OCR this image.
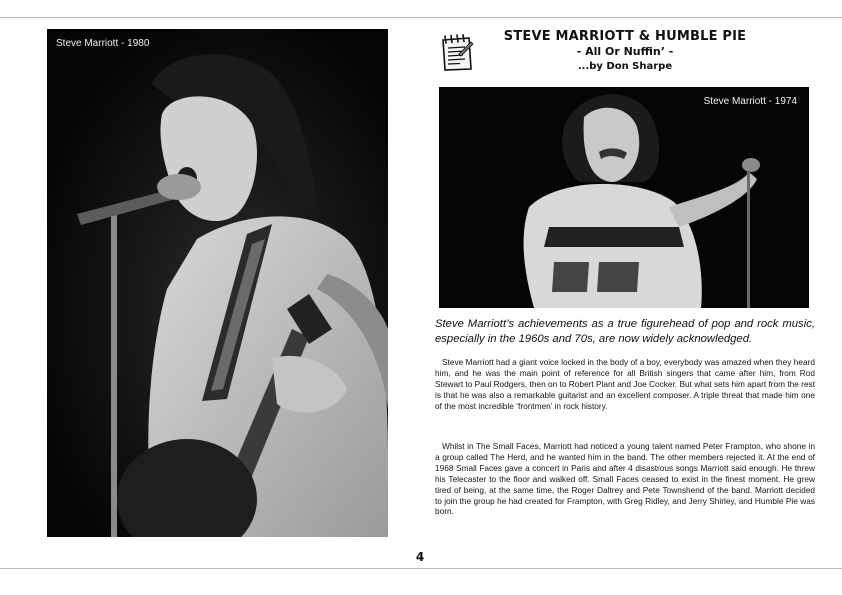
Steve Marriott - 1980	STEVE MARRIOTT & HUMBLE PIE
- All Or Nuffin’ -
...by Don Sharpe
Steve Marriott - 1974
Steve Marriott’s achievements as a true figurehead of pop and rock music, especially in the 1960s and 70s, are now widely acknowledged.

Steve Marriott had a giant voice locked in the body of a boy, everybody was amazed when they heard him, and he was the main point of reference for all British singers that came after him, from Rod Stewart to Paul Rodgers, then on to Robert Plant and Joe Cocker. But what sets him apart from the rest is that he was also a remarkable guitarist and an excellent composer. A triple threat that made him one of the most incredible ‘frontmen’ in rock history.

Whilst in The Small Faces, Marriott had noticed a young talent named Peter Frampton, who shone in a group called The Herd, and he wanted him in the band. The other members rejected it. At the end of 1968 Small Faces gave a concert in Paris and after 4 disastrous songs Marriott said enough. He threw his Telecaster to the floor and walked off. Small Faces ceased to exist in the finest moment. He grew tired of being, at the same time, the Roger Daltrey and Pete Townshend of the band. Marriott decided to join the group he had created for Frampton, with Greg Ridley, and Jerry Shirley, and Humble Pie was born.

4
